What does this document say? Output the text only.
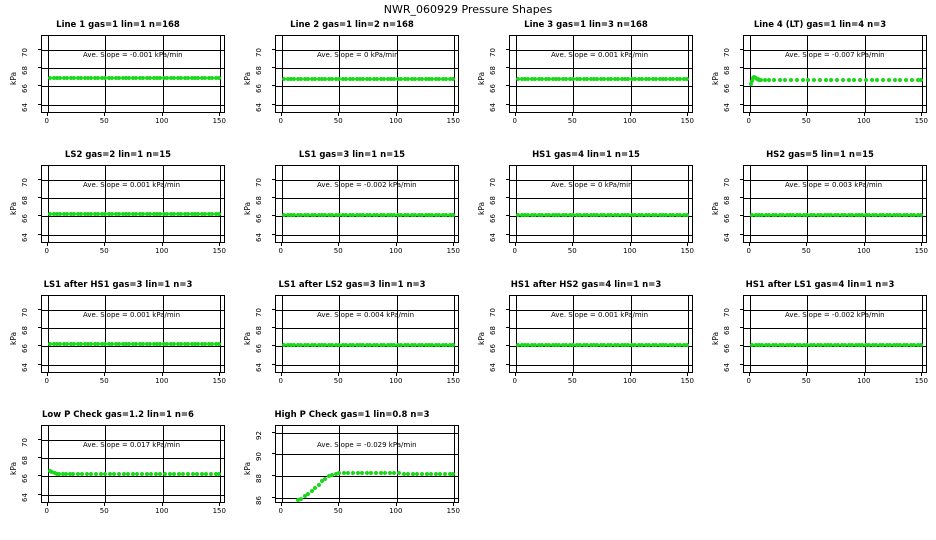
NWR_060929 Pressure Shapes
Line 1 gas=1 lin=1 n=168
kPa
64
66
68
70
0	50	100	150
Ave. Slope = -0.001 kPa/min
Line 2 gas=1 lin=2 n=168
kPa
64
66
68
70
0	50	100	150
Ave. Slope = 0 kPa/min
Line 3 gas=1 lin=3 n=168
kPa
64
66
68
70
0	50	100	150
Ave. Slope = 0.001 kPa/min
Line 4 (LT) gas=1 lin=4 n=3
kPa
64
66
68
70
0	50	100	150
Ave. Slope = -0.007 kPa/min
LS2 gas=2 lin=1 n=15
kPa
64
66
68
70
0	50	100	150
Ave. Slope = 0.001 kPa/min
LS1 gas=3 lin=1 n=15
kPa
64
66
68
70
0	50	100	150
Ave. Slope = -0.002 kPa/min
HS1 gas=4 lin=1 n=15
kPa
64
66
68
70
0	50	100	150
Ave. Slope = 0 kPa/min
HS2 gas=5 lin=1 n=15
kPa
64
66
68
70
0	50	100	150
Ave. Slope = 0.003 kPa/min
LS1 after HS1 gas=3 lin=1 n=3
kPa
64
66
68
70
0	50	100	150
Ave. Slope = 0.001 kPa/min
LS1 after LS2 gas=3 lin=1 n=3
kPa
64
66
68
70
0	50	100	150
Ave. Slope = 0.004 kPa/min
HS1 after HS2 gas=4 lin=1 n=3
kPa
64
66
68
70
0	50	100	150
Ave. Slope = 0.001 kPa/min
HS1 after LS1 gas=4 lin=1 n=3
kPa
64
66
68
70
0	50	100	150
Ave. Slope = -0.002 kPa/min
Low P Check gas=1.2 lin=1 n=6
kPa
64
66
68
70
0	50	100	150
Ave. Slope = 0.017 kPa/min
High P Check gas=1 lin=0.8 n=3
kPa
86
88
90
92
0	50	100	150
Ave. Slope = -0.029 kPa/min
